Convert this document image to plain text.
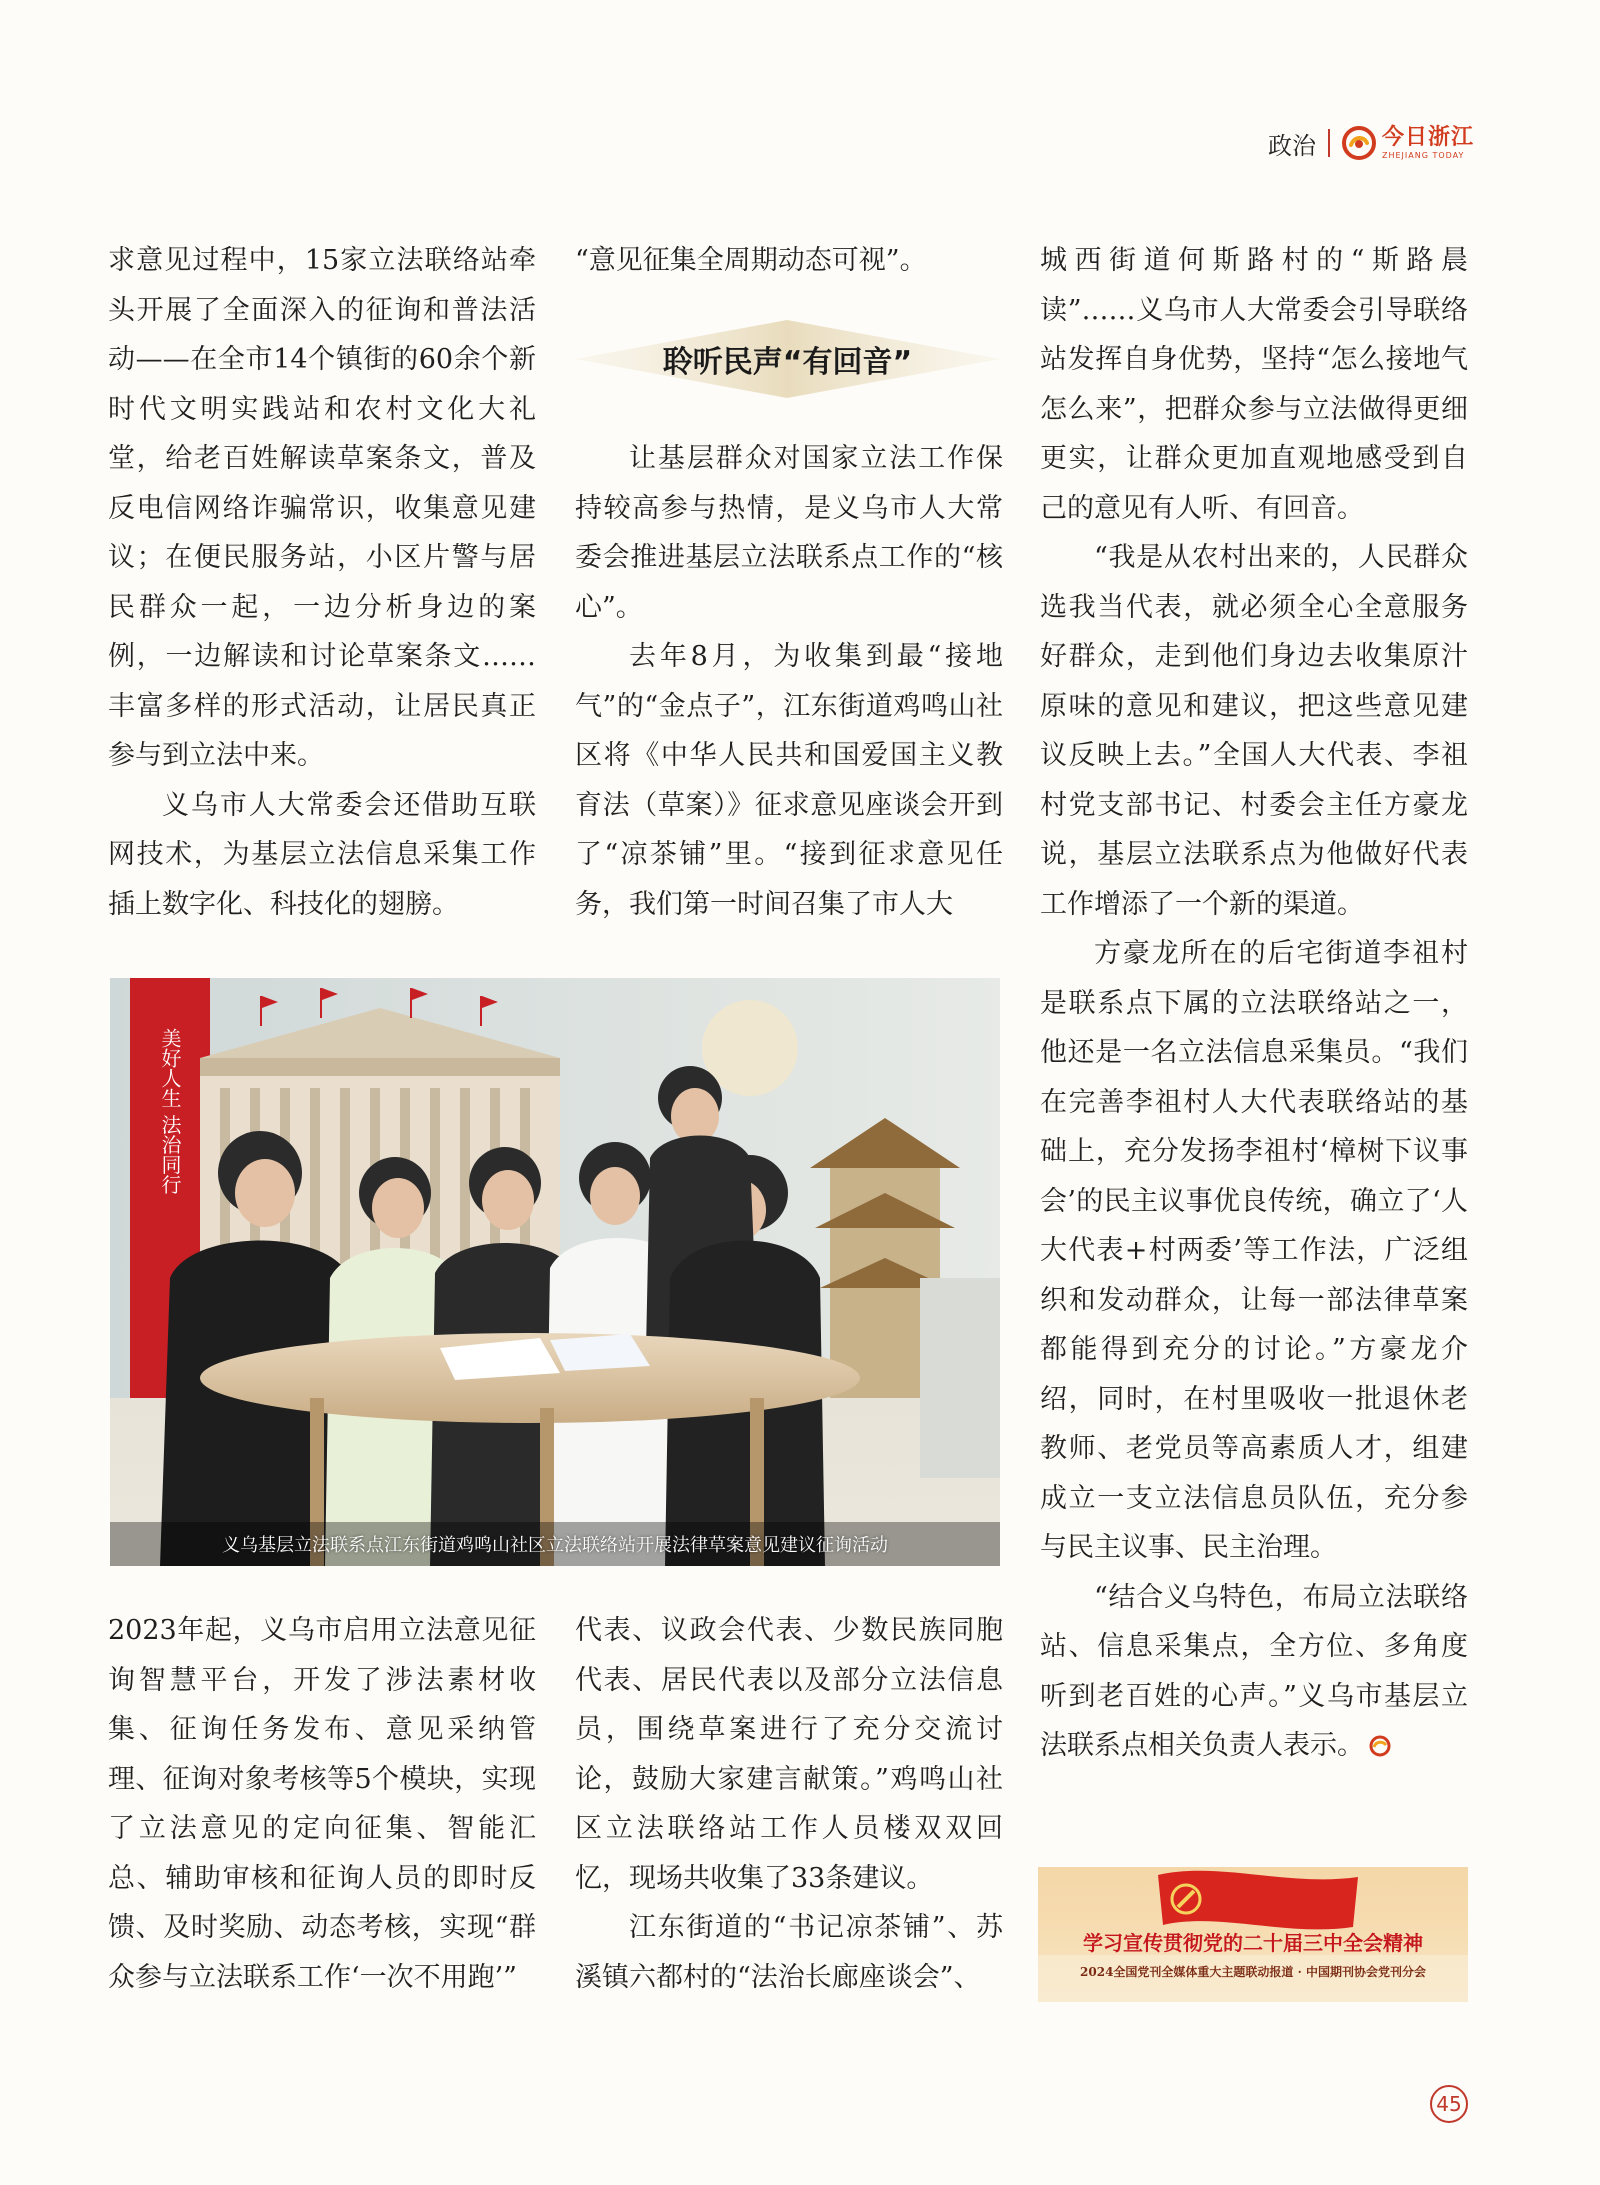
政治	今日浙江
ZHEJIANG TODAY

求意见过程中，15家立法联络站牵头开展了全面深入的征询和普法活动——在全市14个镇街的60余个新时代文明实践站和农村文化大礼堂，给老百姓解读草案条文，普及反电信网络诈骗常识，收集意见建议；在便民服务站，小区片警与居民群众一起，一边分析身边的案例，一边解读和讨论草案条文……丰富多样的形式活动，让居民真正参与到立法中来。

义乌市人大常委会还借助互联网技术，为基层立法信息采集工作插上数字化、科技化的翅膀。

“意见征集全周期动态可视”。

聆听民声“有回音”

让基层群众对国家立法工作保持较高参与热情，是义乌市人大常委会推进基层立法联系点工作的“核心”。

去年8月，为收集到最“接地气”的“金点子”，江东街道鸡鸣山社区将《中华人民共和国爱国主义教育法（草案）》征求意见座谈会开到了“凉茶铺”里。“接到征求意见任务，我们第一时间召集了市人大

城西街道何斯路村的“斯路晨读”……义乌市人大常委会引导联络站发挥自身优势，坚持“怎么接地气怎么来”，把群众参与立法做得更细更实，让群众更加直观地感受到自己的意见有人听、有回音。

“我是从农村出来的，人民群众选我当代表，就必须全心全意服务好群众，走到他们身边去收集原汁原味的意见和建议，把这些意见建议反映上去。”全国人大代表、李祖村党支部书记、村委会主任方豪龙说，基层立法联系点为他做好代表工作增添了一个新的渠道。

方豪龙所在的后宅街道李祖村是联系点下属的立法联络站之一，他还是一名立法信息采集员。“我们在完善李祖村人大代表联络站的基础上，充分发扬李祖村‘樟树下议事会’的民主议事优良传统，确立了‘人大代表+村两委’等工作法，广泛组织和发动群众，让每一部法律草案都能得到充分的讨论。”方豪龙介绍，同时，在村里吸收一批退休老教师、老党员等高素质人才，组建成立一支立法信息员队伍，充分参与民主议事、民主治理。

“结合义乌特色，布局立法联络站、信息采集点，全方位、多角度听到老百姓的心声。”义乌市基层立法联系点相关负责人表示。

美好人生 法治同行
义乌基层立法联系点江东街道鸡鸣山社区立法联络站开展法律草案意见建议征询活动

2023年起，义乌市启用立法意见征询智慧平台，开发了涉法素材收集、征询任务发布、意见采纳管理、征询对象考核等5个模块，实现了立法意见的定向征集、智能汇总、辅助审核和征询人员的即时反馈、及时奖励、动态考核，实现“群众参与立法联系工作‘一次不用跑’”

代表、议政会代表、少数民族同胞代表、居民代表以及部分立法信息员，围绕草案进行了充分交流讨论，鼓励大家建言献策。”鸡鸣山社区立法联络站工作人员楼双双回忆，现场共收集了33条建议。

江东街道的“书记凉茶铺”、苏溪镇六都村的“法治长廊座谈会”、

学习宣传贯彻党的二十届三中全会精神
2024全国党刊全媒体重大主题联动报道 · 中国期刊协会党刊分会
45
